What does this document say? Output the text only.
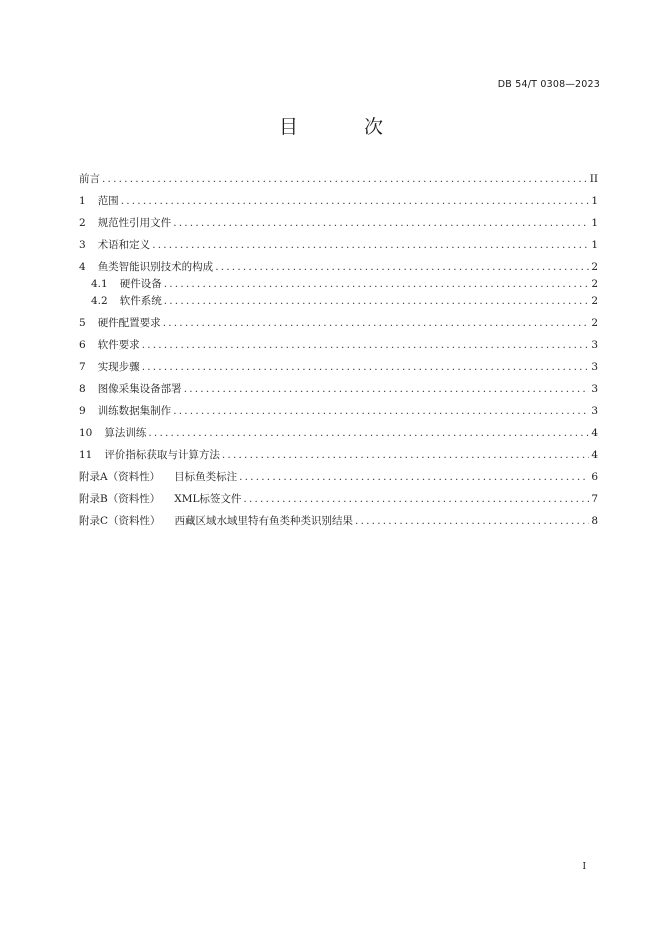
DB 54/T 0308—2023
目 次
前言 .....	II
1 范围 .....	1
2 规范性引用文件 .....	1
3 术语和定义 .....	1
4 鱼类智能识别技术的构成 .....	2
4.1 硬件设备 .....	2
4.2 软件系统 .....	2
5 硬件配置要求 .....	2
6 软件要求 .....	3
7 实现步骤 .....	3
8 图像采集设备部署 .....	3
9 训练数据集制作 .....	3
10 算法训练 .....	4
11 评价指标获取与计算方法 .....	4
附录A（资料性） 目标鱼类标注 .....	6
附录B（资料性） XML标签文件 .....	7
附录C（资料性） 西藏区域水域里特有鱼类种类识别结果 .....	8
I
